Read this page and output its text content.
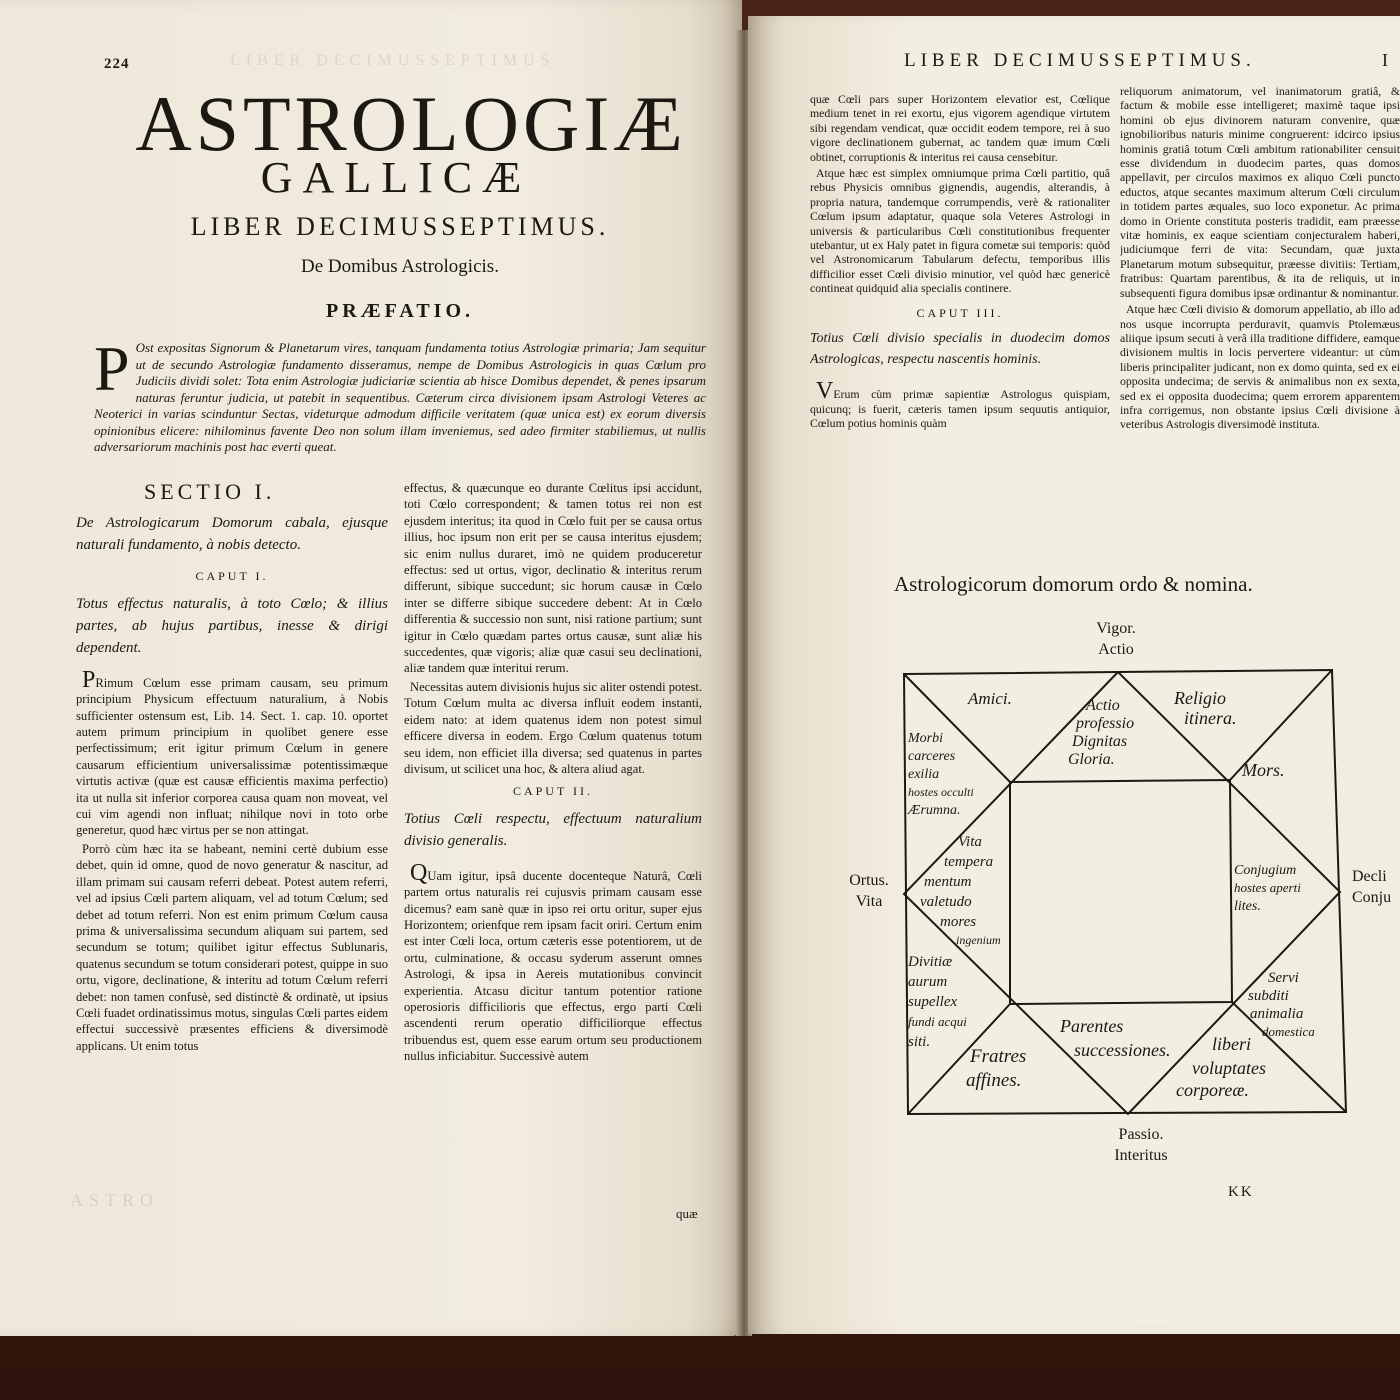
LIBER DECIMUSSEPTIMUS
224
ASTROLOGIÆ
GALLICÆ
LIBER DECIMUSSEPTIMUS.
De Domibus Astrologicis.
PRÆFATIO.
P Ost expositas Signorum & Planetarum vires, tanquam fundamenta totius Astrologiæ primaria; Jam sequitur ut de secundo Astrologiæ fundamento disseramus, nempe de Domibus Astrologicis in quas Cœlum pro Judiciis dividi solet: Tota enim Astrologiæ judiciariæ scientia ab hisce Domibus dependet, & penes ipsarum naturas feruntur judicia, ut patebit in sequentibus. Cæterum circa divisionem ipsam Astrologi Veteres ac Neoterici in varias scinduntur Sectas, videturque admodum difficile veritatem (quæ unica est) ex eorum diversis opinionibus elicere: nihilominus favente Deo non solum illam inveniemus, sed adeo firmiter stabiliemus, ut nullis adversariorum machinis post hac everti queat.
SECTIO I.
De Astrologicarum Domorum cabala, ejusque naturali fundamento, à nobis detecto.
CAPUT I.
Totus effectus naturalis, à toto Cœlo; & illius partes, ab hujus partibus, inesse & dirigi dependent.

PRimum Cœlum esse primam causam, seu primum principium Physicum effectuum naturalium, à Nobis sufficienter ostensum est, Lib. 14. Sect. 1. cap. 10. oportet autem primum principium in quolibet genere esse perfectissimum; erit igitur primum Cœlum in genere causarum efficientium universalissimæ potentissimæque virtutis activæ (quæ est causæ efficientis maxima perfectio) ita ut nulla sit inferior corporea causa quam non moveat, vel cui vim agendi non influat; nihilque novi in toto orbe generetur, quod hæc virtus per se non attingat.

Porrò cùm hæc ita se habeant, nemini certè dubium esse debet, quin id omne, quod de novo generatur & nascitur, ad illam primam sui causam referri debeat. Potest autem referri, vel ad ipsius Cœli partem aliquam, vel ad totum Cœlum; sed debet ad totum referri. Non est enim primum Cœlum causa prima & universalissima secundum aliquam sui partem, sed secundum se totum; quilibet igitur effectus Sublunaris, quatenus secundum se totum considerari potest, quippe in suo ortu, vigore, declinatione, & interitu ad totum Cœlum referri debet: non tamen confusè, sed distinctè & ordinatè, ut ipsius Cœli fuadet ordinatissimus motus, singulas Cœli partes eidem effectui successivè præsentes efficiens & diversimodè applicans. Ut enim totus

effectus, & quæcunque eo durante Cœlitus ipsi accidunt, toti Cœlo correspondent; & tamen totus rei non est ejusdem interitus; ita quod in Cœlo fuit per se causa ortus illius, hoc ipsum non erit per se causa interitus ejusdem; sic enim nullus duraret, imò ne quidem produceretur effectus: sed ut ortus, vigor, declinatio & interitus rerum differunt, sibique succedunt; sic horum causæ in Cœlo inter se differre sibique succedere debent: At in Cœlo differentia & successio non sunt, nisi ratione partium; sunt igitur in Cœlo quædam partes ortus causæ, sunt aliæ his succedentes, quæ vigoris; aliæ quæ casui seu declinationi, aliæ tandem quæ interitui rerum.

Necessitas autem divisionis hujus sic aliter ostendi potest. Totum Cœlum multa ac diversa influit eodem instanti, eidem nato: at idem quatenus idem non potest simul efficere diversa in eodem. Ergo Cœlum quatenus totum seu idem, non efficiet illa diversa; sed quatenus in partes divisum, ut scilicet una hoc, & altera aliud agat.

CAPUT II.
Totius Cœli respectu, effectuum naturalium divisio generalis.

QUam igitur, ipsâ ducente docenteque Naturâ, Cœli partem ortus naturalis rei cujusvis primam causam esse dicemus? eam sanè quæ in ipso rei ortu oritur, super ejus Horizontem; orienfque rem ipsam facit oriri. Certum enim est inter Cœli loca, ortum cæteris esse potentiorem, ut de ortu, culminatione, & occasu syderum asserunt omnes Astrologi, & ipsa in Aereis mutationibus convincit experientia. Atcasu dicitur tantum potentior ratione operosioris difficilioris que effectus, ergo parti Cœli ascendenti rerum operatio difficiliorque effectus tribuendus est, quem esse earum ortum seu productionem nullus inficiabitur. Successivè autem

quæ
ASTRO
LIBER DECIMUSSEPTIMUS.	I

quæ Cœli pars super Horizontem elevatior est, Cœlique medium tenet in rei exortu, ejus vigorem agendique virtutem sibi regendam vendicat, quæ occidit eodem tempore, rei à suo vigore declinationem gubernat, ac tandem quæ imum Cœli obtinet, corruptionis & interitus rei causa censebitur.

Atque hæc est simplex omniumque prima Cœli partitio, quâ rebus Physicis omnibus gignendis, augendis, alterandis, à propria natura, tandemque corrumpendis, verè & rationaliter Cœlum ipsum adaptatur, quaque sola Veteres Astrologi in universis & particularibus Cœli constitutionibus frequenter utebantur, ut ex Haly patet in figura cometæ sui temporis: quòd vel Astronomicarum Tabularum defectu, temporibus illis difficilior esset Cœli divisio minutior, vel quòd hæc genericè contineat quidquid alia specialis continere.

CAPUT III.
Totius Cœli divisio specialis in duodecim domos Astrologicas, respectu nascentis hominis.

VErum cùm primæ sapientiæ Astrologus quispiam, quicunq; is fuerit, cæteris tamen ipsum sequutis antiquior, Cœlum potius hominis quàm

reliquorum animatorum, vel inanimatorum gratiâ, & factum & mobile esse intelligeret; maximè taque ipsi homini ob ejus divinorem naturam convenire, quæ ignobilioribus naturis minime congruerent: idcirco ipsius hominis gratiâ totum Cœli ambitum rationabiliter censuit esse dividendum in duodecim partes, quas domos appellavit, per circulos maximos ex aliquo Cœli puncto eductos, atque secantes maximum alterum Cœli circulum in totidem partes æquales, suo loco exponetur. Ac prima domo in Oriente constituta posteris tradidit, eam præesse vitæ hominis, ex eaque scientiam conjecturalem haberi, judiciumque ferri de vita: Secundam, quæ juxta Planetarum motum subsequitur, præesse divitiis: Tertiam, fratribus: Quartam parentibus, & ita de reliquis, ut in subsequenti figura domibus ipsæ ordinantur & nominantur.

Atque hæc Cœli divisio & domorum appellatio, ab illo ad nos usque incorrupta perduravit, quamvis Ptolemæus aliique ipsum secuti à verâ illa traditione diffidere, eamque divisionem multis in locis pervertere videantur: ut cùm liberis principaliter judicant, non ex domo quinta, sed ex ei opposita undecima; de servis & animalibus non ex sexta, sed ex ei opposita duodecima; quem errorem apparentem infra corrigemus, non obstante ipsius Cœli divisione à veteribus Astrologis diversimodè instituta.

Astrologicorum domorum ordo & nomina.
Vigor.
Actio
Ortus.
Vita
Decli
Conju
Passio.
Interitus
Amici.	Actio professio Dignitas Gloria.
Religio itinera.
Mors.
Morbi carceres exilia hostes occulti Ærumna.
Vita tempera mentum valetudo mores ingenium
Conjugium hostes aperti lites.
Divitiæ aurum supellex fundi acqui siti.
Servi subditi animalia domestica
Parentes successiones.
Fratres affines.
liberi voluptates corporeæ.
KK
